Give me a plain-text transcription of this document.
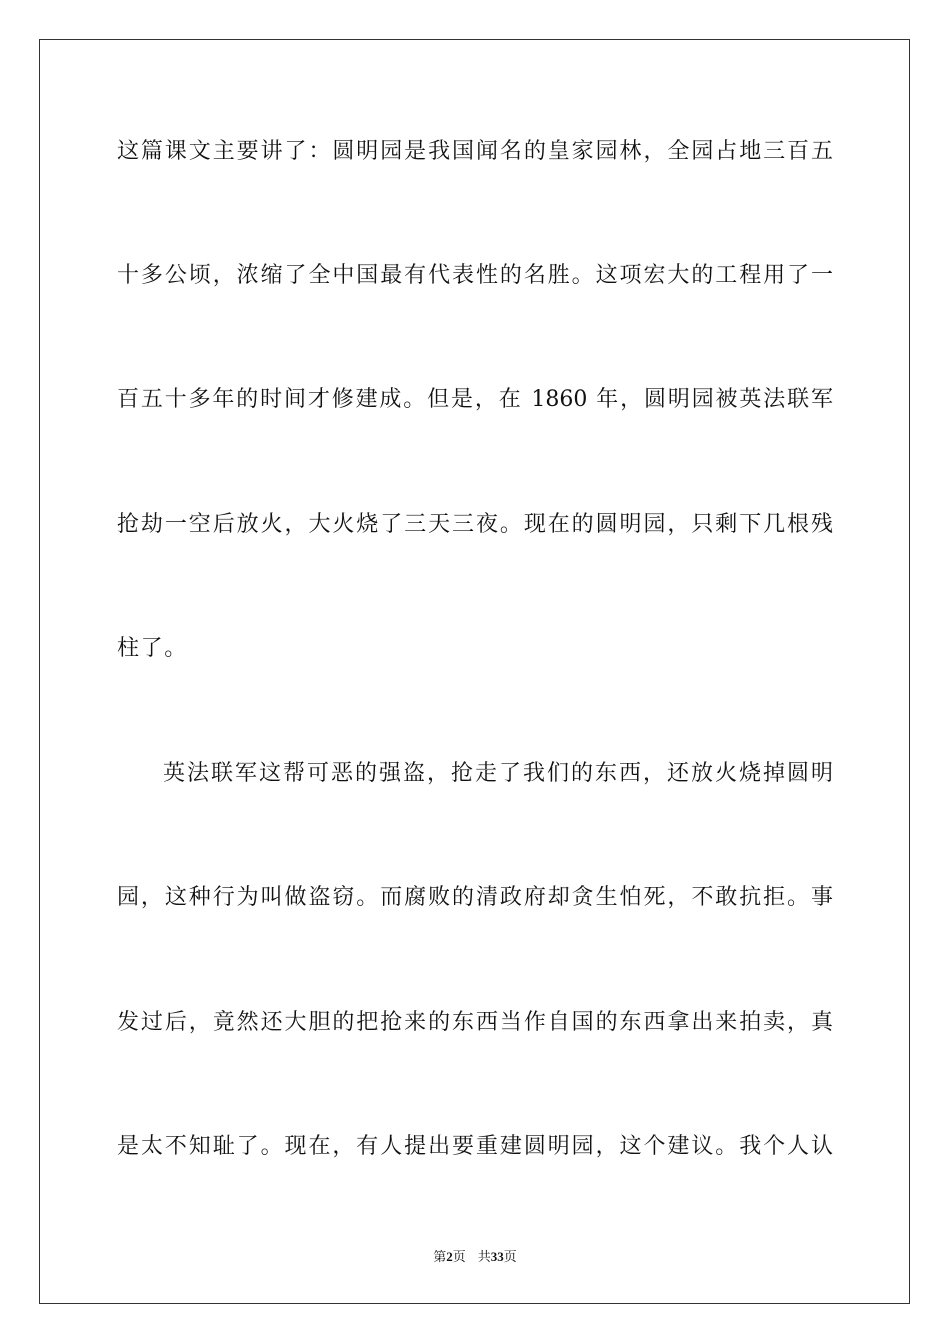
这篇课文主要讲了：圆明园是我国闻名的皇家园林，全园占地三百五
十多公顷，浓缩了全中国最有代表性的名胜。这项宏大的工程用了一
百五十多年的时间才修建成。但是，在 1860 年，圆明园被英法联军
抢劫一空后放火，大火烧了三天三夜。现在的圆明园，只剩下几根残
柱了。
英法联军这帮可恶的强盗，抢走了我们的东西，还放火烧掉圆明
园，这种行为叫做盗窃。而腐败的清政府却贪生怕死，不敢抗拒。事
发过后，竟然还大胆的把抢来的东西当作自国的东西拿出来拍卖，真
是太不知耻了。现在，有人提出要重建圆明园，这个建议。我个人认
第2页 共33页
